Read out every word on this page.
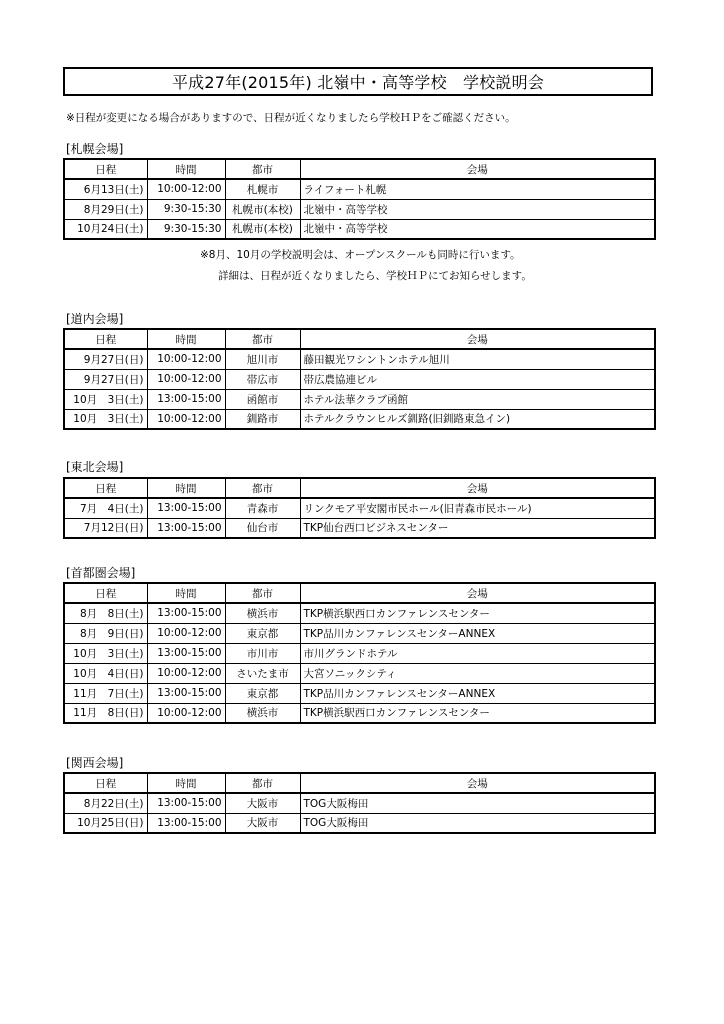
平成27年(2015年) 北嶺中・高等学校　学校説明会
※日程が変更になる場合がありますので、日程が近くなりましたら学校ＨＰをご確認ください。
[札幌会場]
日程	時間	都市	会場
6月13日(土)	10:00-12:00	札幌市	ライフォート札幌
8月29日(土)	9:30-15:30	札幌市(本校)	北嶺中・高等学校
10月24日(土)	9:30-15:30	札幌市(本校)	北嶺中・高等学校
※8月、10月の学校説明会は、オープンスクールも同時に行います。
詳細は、日程が近くなりましたら、学校ＨＰにてお知らせします。
[道内会場]
日程	時間	都市	会場
9月27日(日)	10:00-12:00	旭川市	藤田観光ワシントンホテル旭川
9月27日(日)	10:00-12:00	帯広市	帯広農協連ビル
10月　3日(土)	13:00-15:00	函館市	ホテル法華クラブ函館
10月　3日(土)	10:00-12:00	釧路市	ホテルクラウンヒルズ釧路(旧釧路東急イン)
[東北会場]
日程	時間	都市	会場
7月　4日(土)	13:00-15:00	青森市	リンクモア平安閣市民ホール(旧青森市民ホール)
7月12日(日)	13:00-15:00	仙台市	TKP仙台西口ビジネスセンター
[首都圏会場]
日程	時間	都市	会場
8月　8日(土)	13:00-15:00	横浜市	TKP横浜駅西口カンファレンスセンター
8月　9日(日)	10:00-12:00	東京都	TKP品川カンファレンスセンターANNEX
10月　3日(土)	13:00-15:00	市川市	市川グランドホテル
10月　4日(日)	10:00-12:00	さいたま市	大宮ソニックシティ
11月　7日(土)	13:00-15:00	東京都	TKP品川カンファレンスセンターANNEX
11月　8日(日)	10:00-12:00	横浜市	TKP横浜駅西口カンファレンスセンター
[関西会場]
日程	時間	都市	会場
8月22日(土)	13:00-15:00	大阪市	TOG大阪梅田
10月25日(日)	13:00-15:00	大阪市	TOG大阪梅田
